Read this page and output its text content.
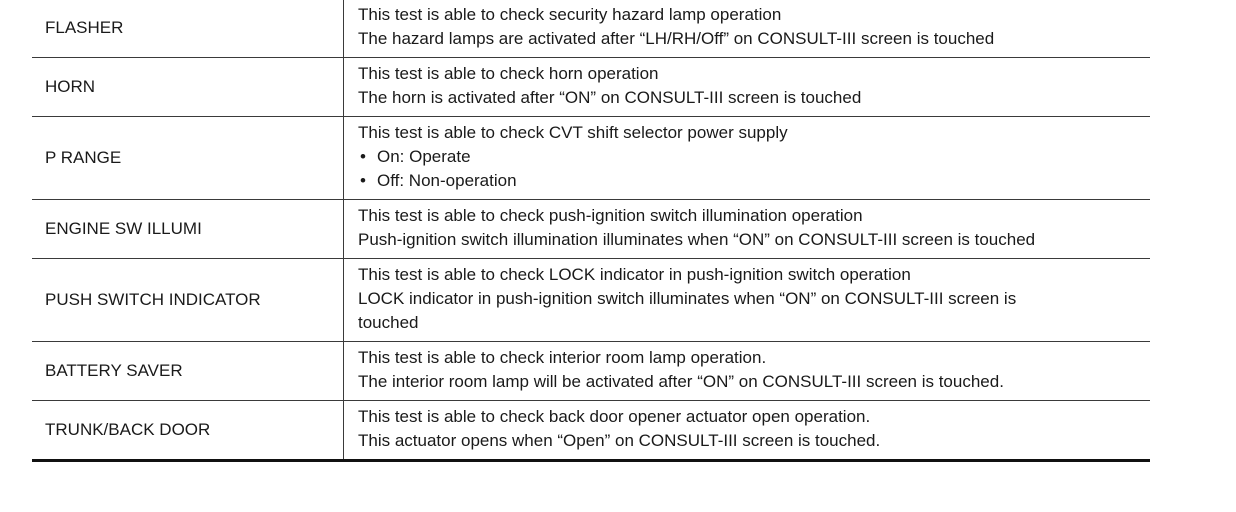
FLASHER	This test is able to check security hazard lamp operation
The hazard lamps are activated after “LH/RH/Off” on CONSULT-III screen is touched

HORN	This test is able to check horn operation
The horn is activated after “ON” on CONSULT-III screen is touched

P RANGE	This test is able to check CVT shift selector power supply
• On: Operate
• Off: Non-operation

ENGINE SW ILLUMI	This test is able to check push-ignition switch illumination operation
Push-ignition switch illumination illuminates when “ON” on CONSULT-III screen is touched

PUSH SWITCH INDICATOR	This test is able to check LOCK indicator in push-ignition switch operation
LOCK indicator in push-ignition switch illuminates when “ON” on CONSULT-III screen is
touched

BATTERY SAVER	This test is able to check interior room lamp operation.
The interior room lamp will be activated after “ON” on CONSULT-III screen is touched.

TRUNK/BACK DOOR	This test is able to check back door opener actuator open operation.
This actuator opens when “Open” on CONSULT-III screen is touched.
